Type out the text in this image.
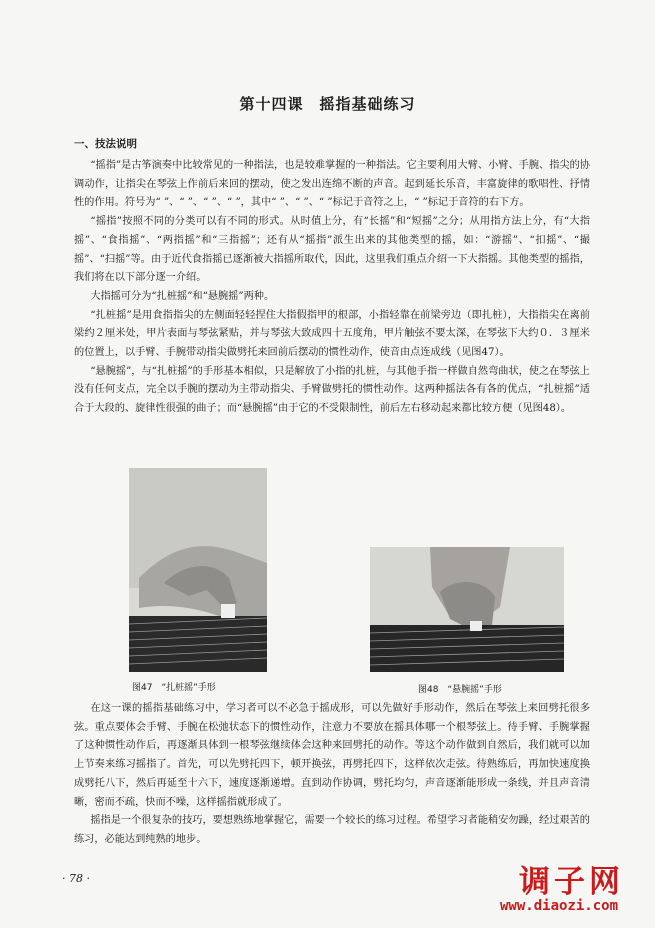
第十四课　摇指基础练习
一、技法说明

“摇指”是古筝演奏中比较常见的一种指法，也是较难掌握的一种指法。它主要利用大臂、小臂、手腕、指尖的协调动作，让指尖在琴弦上作前后来回的摆动，使之发出连绵不断的声音。起到延长乐音，丰富旋律的歌唱性、抒情性的作用。符号为“ ”、“ ”、“ ”、“ ”，其中“ ”、“ ”、“ ”标记于音符之上，“ ”标记于音符的右下方。

“摇指”按照不同的分类可以有不同的形式。从时值上分，有“长摇”和“短摇”之分；从用指方法上分，有“大指摇”、“食指摇”、“两指摇”和“三指摇”；还有从“摇指”派生出来的其他类型的摇，如：“游摇”、“扣摇”、“撮摇”、“扫摇”等。由于近代食指摇已逐渐被大指摇所取代，因此，这里我们重点介绍一下大指摇。其他类型的摇指，我们将在以下部分逐一介绍。

大指摇可分为“扎桩摇”和“悬腕摇”两种。

“扎桩摇”是用食指指尖的左侧面轻轻捏住大指假指甲的根部，小指轻靠在前梁旁边（即扎桩），大指指尖在离前梁约２厘米处，甲片表面与琴弦紧贴，并与琴弦大致成四十五度角，甲片触弦不要太深，在琴弦下大约０．３厘米的位置上，以手臂、手腕带动指尖做劈托来回前后摆动的惯性动作，使音由点连成线（见图47）。

“悬腕摇”，与“扎桩摇”的手形基本相似，只是解放了小指的扎桩，与其他手指一样做自然弯曲状，使之在琴弦上没有任何支点，完全以手腕的摆动为主带动指尖、手臂做劈托的惯性动作。这两种摇法各有各的优点，“扎桩摇”适合于大段的、旋律性很强的曲子；而“悬腕摇”由于它的不受限制性，前后左右移动起来都比较方便（见图48）。

图47　“扎桩摇”手形	图48　“悬腕摇”手形

在这一课的摇指基础练习中，学习者可以不必急于摇成形，可以先做好手形动作，然后在琴弦上来回劈托很多弦。重点要体会手臂、手腕在松弛状态下的惯性动作，注意力不要放在摇具体哪一个根琴弦上。待手臂、手腕掌握了这种惯性动作后，再逐渐具体到一根琴弦继续体会这种来回劈托的动作。等这个动作做到自然后，我们就可以加上节奏来练习摇指了。首先，可以先劈托四下，顿开换弦，再劈托四下，这样依次走弦。待熟练后，再加快速度换成劈托八下，然后再延至十六下，速度逐渐递增。直到动作协调，劈托均匀，声音逐渐能形成一条线，并且声音清晰，密而不疏，快而不噪，这样摇指就形成了。

摇指是一个很复杂的技巧，要想熟练地掌握它，需要一个较长的练习过程。希望学习者能稍安勿躁，经过艰苦的练习，必能达到纯熟的地步。

· 78 ·	调子网
www.diaozi.com
